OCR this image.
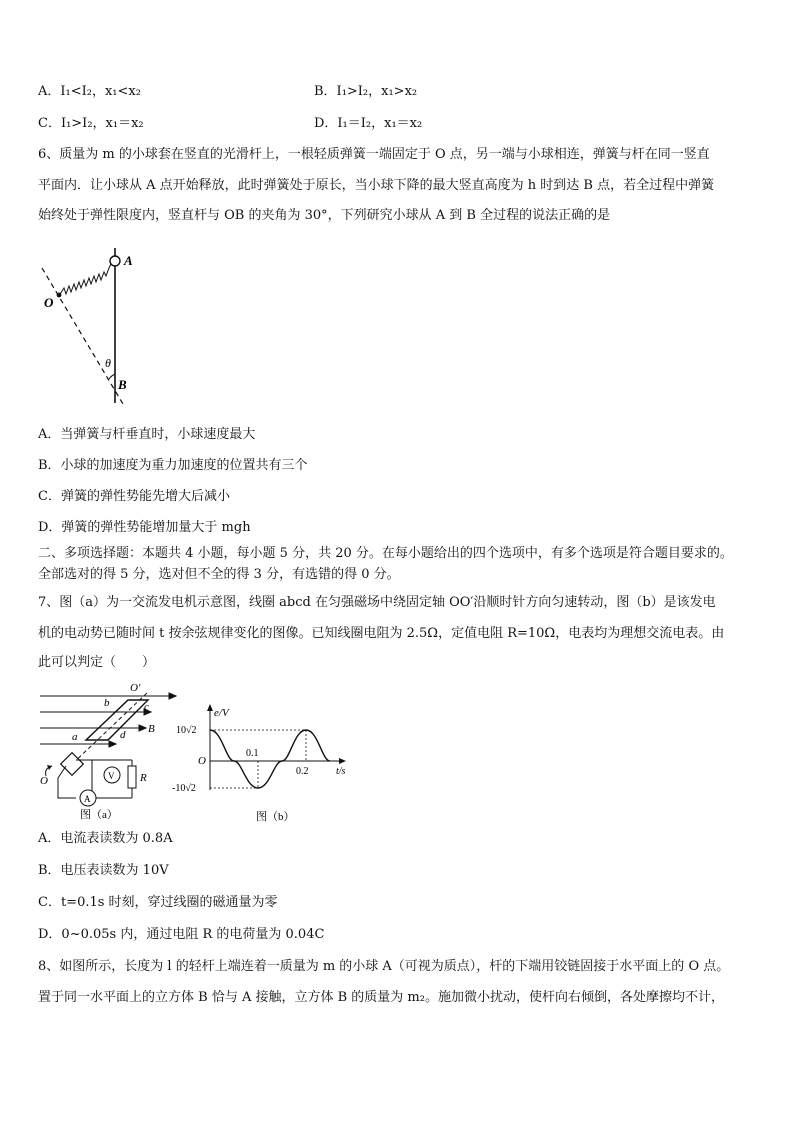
A．I₁<I₂，x₁<x₂	B．I₁>I₂，x₁>x₂
C．I₁>I₂，x₁＝x₂	D．I₁＝I₂，x₁＝x₂
6、质量为 m 的小球套在竖直的光滑杆上，一根轻质弹簧一端固定于 O 点，另一端与小球相连，弹簧与杆在同一竖直
平面内．让小球从 A 点开始释放，此时弹簧处于原长，当小球下降的最大竖直高度为 h 时到达 B 点，若全过程中弹簧
始终处于弹性限度内，竖直杆与 OB 的夹角为 30°，下列研究小球从 A 到 B 全过程的说法正确的是
A
O
θ
B
A．当弹簧与杆垂直时，小球速度最大
B．小球的加速度为重力加速度的位置共有三个
C．弹簧的弹性势能先增大后减小
D．弹簧的弹性势能增加量大于 mgh
二、多项选择题：本题共 4 小题，每小题 5 分，共 20 分。在每小题给出的四个选项中，有多个选项是符合题目要求的。
全部选对的得 5 分，选对但不全的得 3 分，有选错的得 0 分。
7、图（a）为一交流发电机示意图，线圈 abcd 在匀强磁场中绕固定轴 OO′沿顺时针方向匀速转动，图（b）是该发电
机的电动势已随时间 t 按余弦规律变化的图像。已知线圈电阻为 2.5Ω，定值电阻 R=10Ω，电表均为理想交流电表。由
此可以判定（　　）
O′
b	c
B
a	d
O	V
A
R
图（a）
e/V
10√2
O
0.1
0.2	t/s
-10√2
图（b）
A．电流表读数为 0.8A
B．电压表读数为 10V
C．t=0.1s 时刻，穿过线圈的磁通量为零
D．0~0.05s 内，通过电阻 R 的电荷量为 0.04C
8、如图所示，长度为 l 的轻杆上端连着一质量为 m 的小球 A（可视为质点），杆的下端用铰链固接于水平面上的 O 点。
置于同一水平面上的立方体 B 恰与 A 接触，立方体 B 的质量为 m₂。施加微小扰动，使杆向右倾倒，各处摩擦均不计，
